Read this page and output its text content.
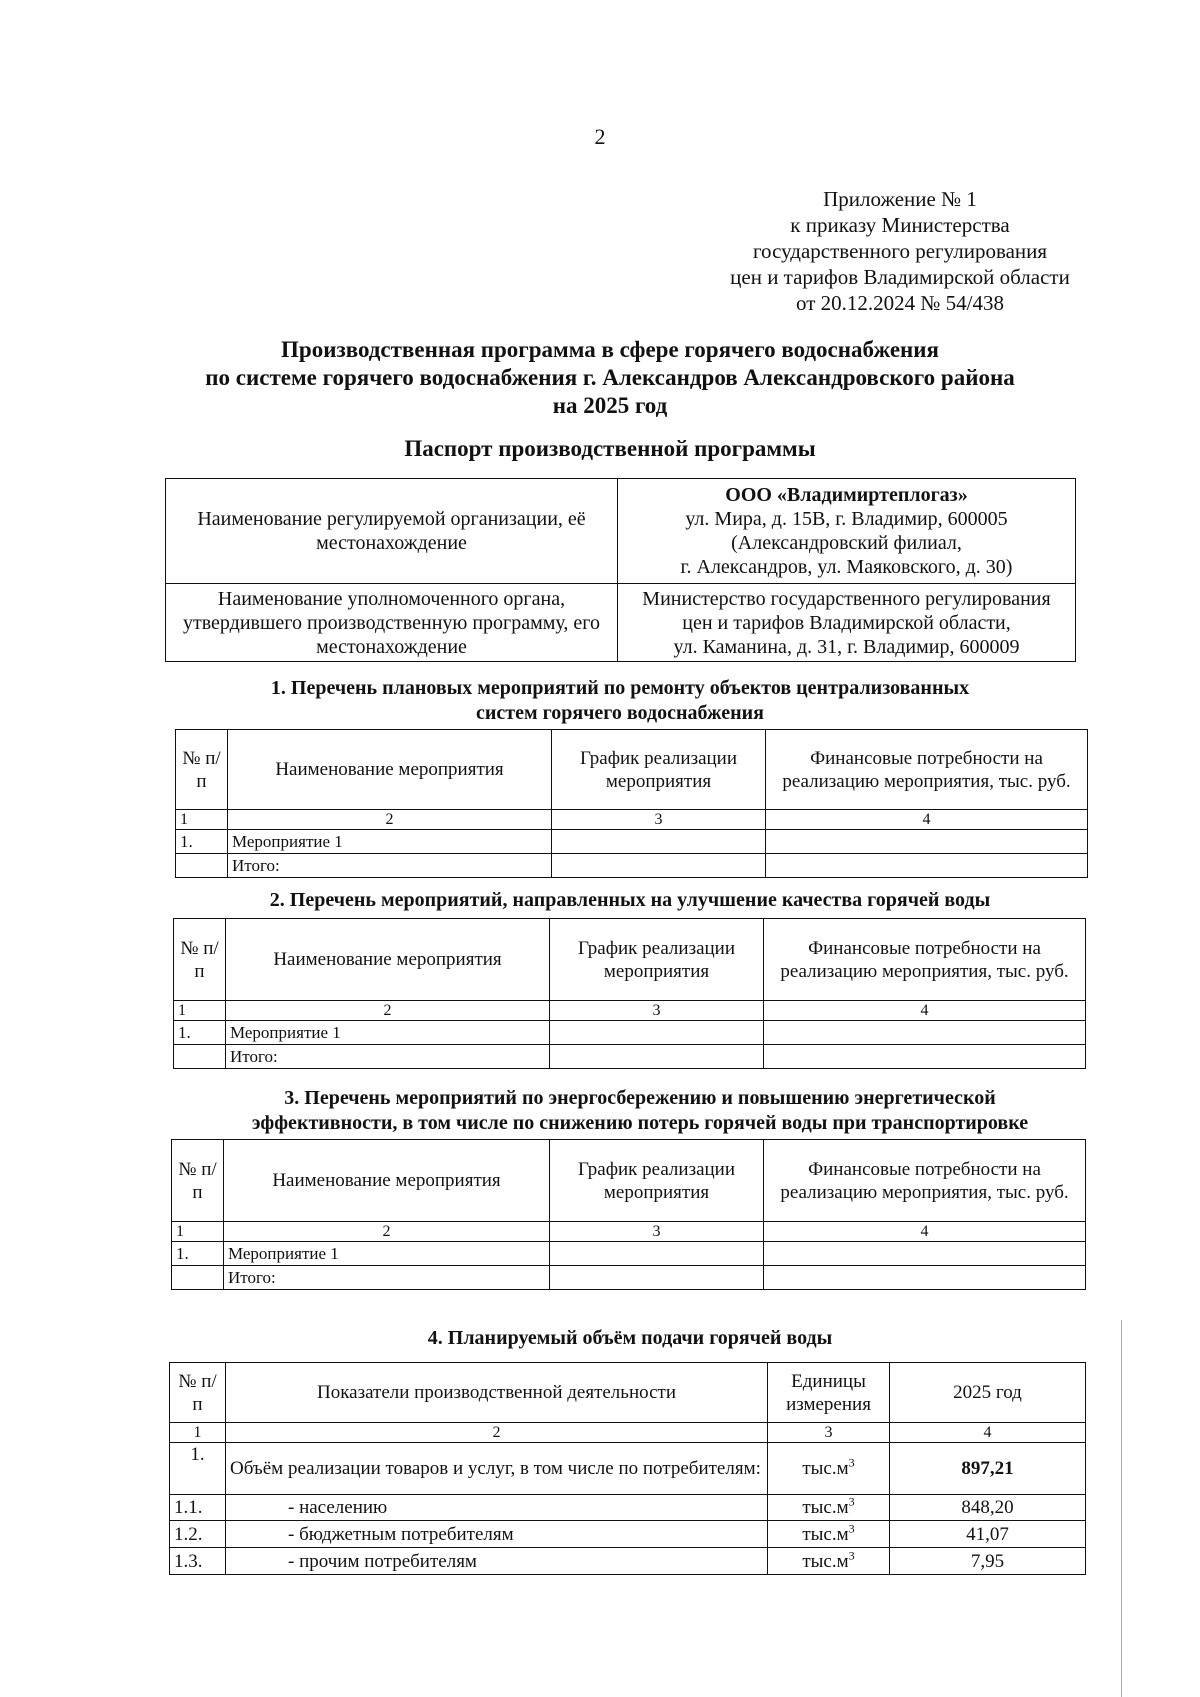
2
Приложение № 1
к приказу Министерства
государственного регулирования
цен и тарифов Владимирской области
от 20.12.2024 № 54/438
Производственная программа в сфере горячего водоснабжения
по системе горячего водоснабжения г. Александров Александровского района
на 2025 год
Паспорт производственной программы
Наименование регулируемой организации, её местонахождение	ООО «Владимиртеплогаз»
ул. Мира, д. 15В, г. Владимир, 600005
(Александровский филиал,
г. Александров, ул. Маяковского, д. 30)

Наименование уполномоченного органа, утвердившего производственную программу, его местонахождение	Министерство государственного регулирования
цен и тарифов Владимирской области,
ул. Каманина, д. 31, г. Владимир, 600009
1. Перечень плановых мероприятий по ремонту объектов централизованных
систем горячего водоснабжения
№ п/п	Наименование мероприятия	График реализации мероприятия	Финансовые потребности на реализацию мероприятия, тыс. руб.
1	2	3	4
1.	Мероприятие 1		
	Итого:		
2. Перечень мероприятий, направленных на улучшение качества горячей воды
№ п/п	Наименование мероприятия	График реализации мероприятия	Финансовые потребности на реализацию мероприятия, тыс. руб.
1	2	3	4
1.	Мероприятие 1		
	Итого:		
3. Перечень мероприятий по энергосбережению и повышению энергетической
эффективности, в том числе по снижению потерь горячей воды при транспортировке
№ п/п	Наименование мероприятия	График реализации мероприятия	Финансовые потребности на реализацию мероприятия, тыс. руб.
1	2	3	4
1.	Мероприятие 1		
	Итого:		
4. Планируемый объём подачи горячей воды
№ п/п	Показатели производственной деятельности	Единицы измерения	2025 год
1	2	3	4
1.	Объём реализации товаров и услуг, в том числе по потребителям:	$тыс.м^3$	897,21
1.1.	- населению	$тыс.м^3$	848,20
1.2.	- бюджетным потребителям	$тыс.м^3$	41,07
1.3.	- прочим потребителям	$тыс.м^3$	7,95
